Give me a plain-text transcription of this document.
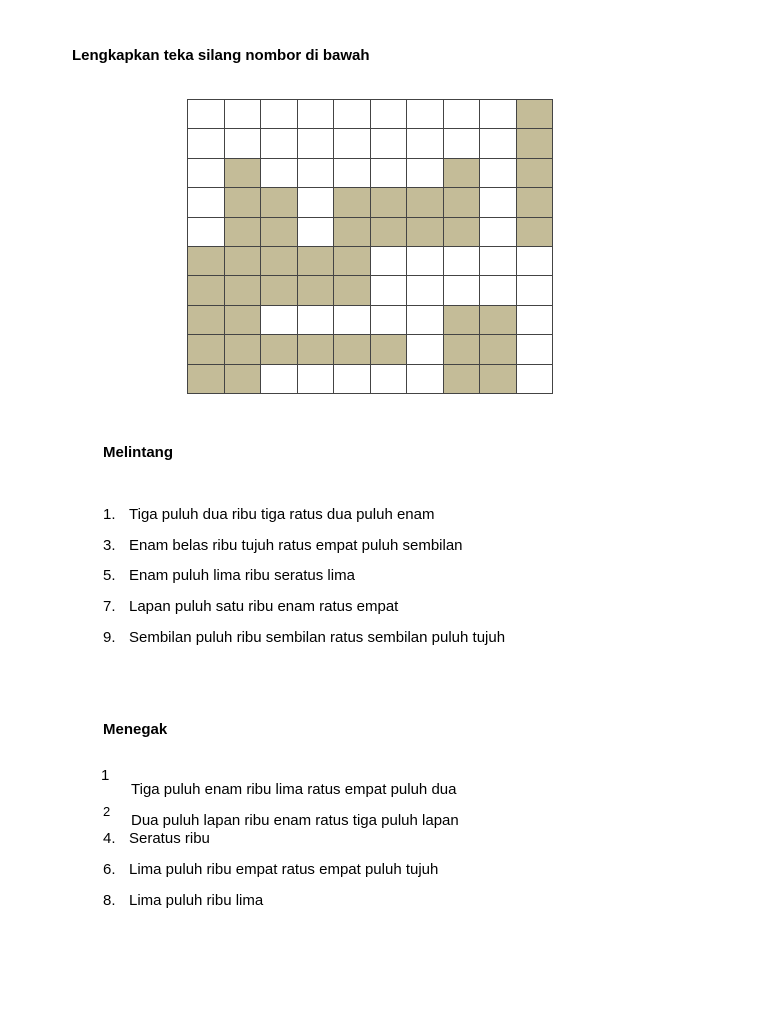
Lengkapkan teka silang nombor di bawah
Melintang
1. Tiga puluh dua ribu tiga ratus dua puluh enam
3. Enam belas ribu tujuh ratus empat puluh sembilan
5. Enam puluh lima ribu seratus lima
7. Lapan puluh satu ribu enam ratus empat
9. Sembilan puluh ribu sembilan ratus sembilan puluh tujuh
Menegak
1
Tiga puluh enam ribu lima ratus empat puluh dua
2
Dua puluh lapan ribu enam ratus tiga puluh lapan
4. Seratus ribu
6. Lima puluh ribu empat ratus empat puluh tujuh
8. Lima puluh ribu lima
